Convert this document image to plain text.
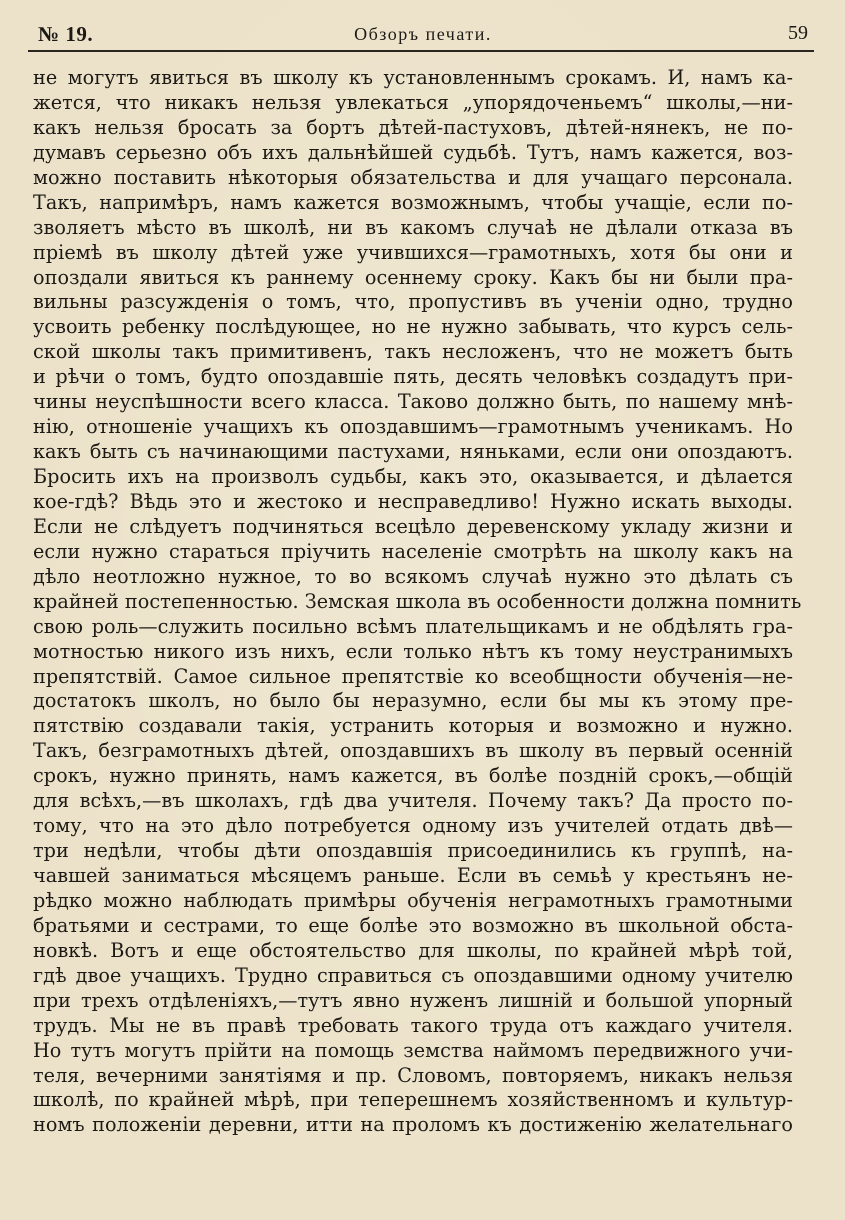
№ 19.	Обзоръ печати.	59
не могутъ явиться въ школу къ установленнымъ срокамъ. И, намъ ка-
жется, что никакъ нельзя увлекаться „упорядоченьемъ“ школы,—ни-
какъ нельзя бросать за бортъ дѣтей-пастуховъ, дѣтей-нянекъ, не по-
думавъ серьезно объ ихъ дальнѣйшей судьбѣ. Тутъ, намъ кажется, воз-
можно поставить нѣкоторыя обязательства и для учащаго персонала.
Такъ, напримѣръ, намъ кажется возможнымъ, чтобы учащіе, если по-
зволяетъ мѣсто въ школѣ, ни въ какомъ случаѣ не дѣлали отказа въ
пріемѣ въ школу дѣтей уже учившихся—грамотныхъ, хотя бы они и
опоздали явиться къ раннему осеннему сроку. Какъ бы ни были пра-
вильны разсужденія о томъ, что, пропустивъ въ ученіи одно, трудно
усвоить ребенку послѣдующее, но не нужно забывать, что курсъ сель-
ской школы такъ примитивенъ, такъ несложенъ, что не можетъ быть
и рѣчи о томъ, будто опоздавшіе пять, десять человѣкъ создадутъ при-
чины неуспѣшности всего класса. Таково должно быть, по нашему мнѣ-
нію, отношеніе учащихъ къ опоздавшимъ—грамотнымъ ученикамъ. Но
какъ быть съ начинающими пастухами, няньками, если они опоздаютъ.
Бросить ихъ на произволъ судьбы, какъ это, оказывается, и дѣлается
кое-гдѣ? Вѣдь это и жестоко и несправедливо! Нужно искать выходы.
Если не слѣдуетъ подчиняться всецѣло деревенскому укладу жизни и
если нужно стараться пріучить населеніе смотрѣть на школу какъ на
дѣло неотложно нужное, то во всякомъ случаѣ нужно это дѣлать съ
крайней постепенностью. Земская школа въ особенности должна помнить
свою роль—служить посильно всѣмъ плательщикамъ и не обдѣлять гра-
мотностью никого изъ нихъ, если только нѣтъ къ тому неустранимыхъ
препятствій. Самое сильное препятствіе ко всеобщности обученія—не-
достатокъ школъ, но было бы неразумно, если бы мы къ этому пре-
пятствію создавали такія, устранить которыя и возможно и нужно.
Такъ, безграмотныхъ дѣтей, опоздавшихъ въ школу въ первый осенній
срокъ, нужно принять, намъ кажется, въ болѣе поздній срокъ,—общій
для всѣхъ,—въ школахъ, гдѣ два учителя. Почему такъ? Да просто по-
тому, что на это дѣло потребуется одному изъ учителей отдать двѣ—
три недѣли, чтобы дѣти опоздавшія присоединились къ группѣ, на-
чавшей заниматься мѣсяцемъ раньше. Если въ семьѣ у крестьянъ не-
рѣдко можно наблюдать примѣры обученія неграмотныхъ грамотными
братьями и сестрами, то еще болѣе это возможно въ школьной обста-
новкѣ. Вотъ и еще обстоятельство для школы, по крайней мѣрѣ той,
гдѣ двое учащихъ. Трудно справиться съ опоздавшими одному учителю
при трехъ отдѣленіяхъ,—тутъ явно нуженъ лишній и большой упорный
трудъ. Мы не въ правѣ требовать такого труда отъ каждаго учителя.
Но тутъ могутъ прійти на помощь земства наймомъ передвижного учи-
теля, вечерними занятіямя и пр. Словомъ, повторяемъ, никакъ нельзя
школѣ, по крайней мѣрѣ, при теперешнемъ хозяйственномъ и культур-
номъ положеніи деревни, итти на проломъ къ достиженію желательнаго
